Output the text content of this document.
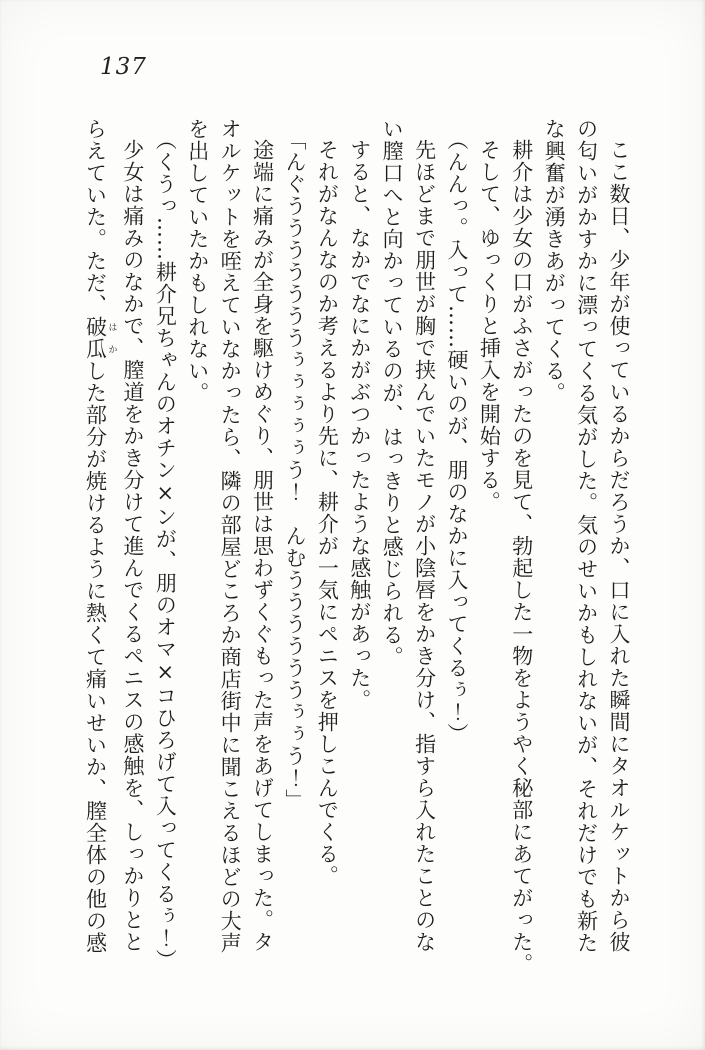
137

ここ数日、少年が使っているからだろうか、口に入れた瞬間にタオルケットから彼

の匂いがかすかに漂ってくる気がした。気のせいかもしれないが、それだけでも新た

な興奮が湧きあがってくる。

耕介は少女の口がふさがったのを見て、勃起した一物をようやく秘部にあてがった。

そして、ゆっくりと挿入を開始する。

（んんっ。入って……硬いのが、朋のなかに入ってくるぅ！）

先ほどまで朋世が胸で挟んでいたモノが小陰唇をかき分け、指すら入れたことのな

い膣口へと向かっているのが、はっきりと感じられる。

すると、なかでなにかがぶつかったような感触があった。

それがなんなのか考えるより先に、耕介が一気にペニスを押しこんでくる。

「んぐうううううううぅぅぅぅぅう！　んむううううううぅぅう！」

途端に痛みが全身を駆けめぐり、朋世は思わずくぐもった声をあげてしまった。タ

オルケットを咥えていなかったら、隣の部屋どころか商店街中に聞こえるほどの大声

を出していたかもしれない。

（くうっ……耕介兄ちゃんのオチン×ンが、朋のオマ×コひろげて入ってくるぅ！）

少女は痛みのなかで、膣道をかき分けて進んでくるペニスの感触を、しっかりとと

らえていた。ただ、破瓜 はかした部分が焼けるように熱くて痛いせいか、膣全体の他の感
